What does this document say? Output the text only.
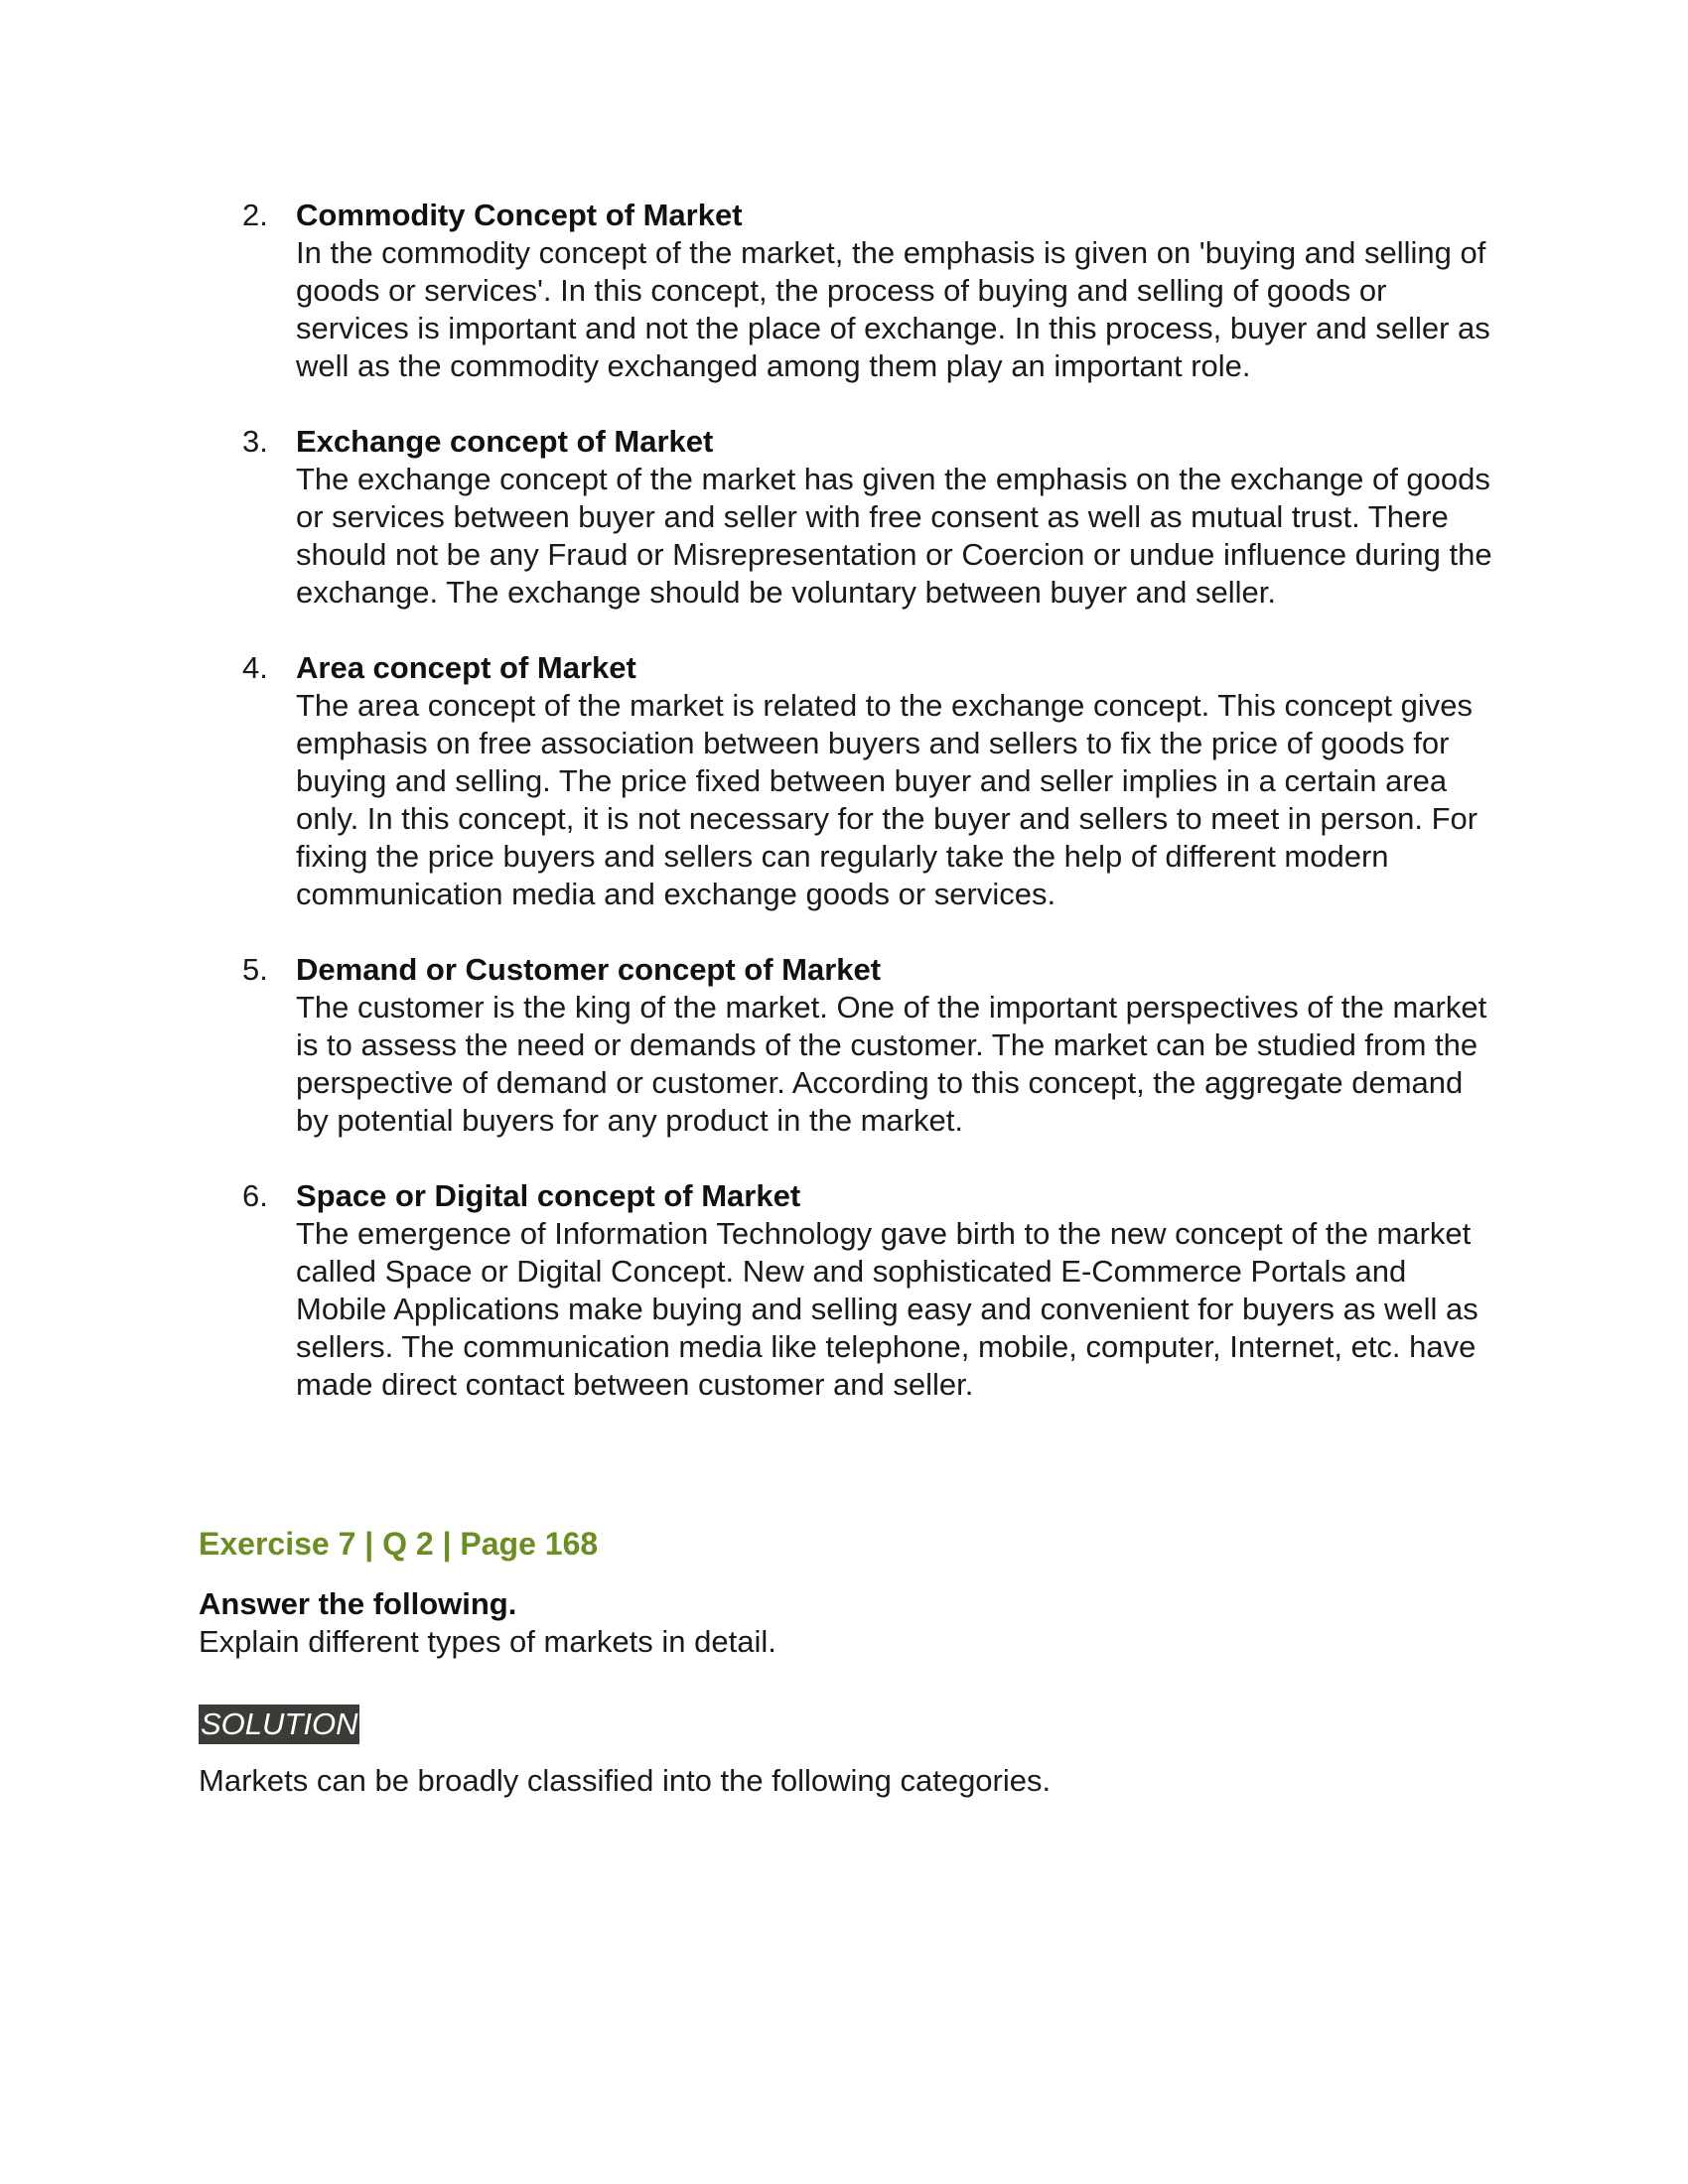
2. Commodity Concept of Market

In the commodity concept of the market, the emphasis is given on 'buying and selling of goods or services'. In this concept, the process of buying and selling of goods or services is important and not the place of exchange. In this process, buyer and seller as well as the commodity exchanged among them play an important role.

3. Exchange concept of Market

The exchange concept of the market has given the emphasis on the exchange of goods or services between buyer and seller with free consent as well as mutual trust. There should not be any Fraud or Misrepresentation or Coercion or undue influence during the exchange. The exchange should be voluntary between buyer and seller.

4. Area concept of Market

The area concept of the market is related to the exchange concept. This concept gives emphasis on free association between buyers and sellers to fix the price of goods for buying and selling. The price fixed between buyer and seller implies in a certain area only. In this concept, it is not necessary for the buyer and sellers to meet in person. For fixing the price buyers and sellers can regularly take the help of different modern communication media and exchange goods or services.

5. Demand or Customer concept of Market

The customer is the king of the market. One of the important perspectives of the market is to assess the need or demands of the customer. The market can be studied from the perspective of demand or customer. According to this concept, the aggregate demand by potential buyers for any product in the market.

6. Space or Digital concept of Market

The emergence of Information Technology gave birth to the new concept of the market called Space or Digital Concept. New and sophisticated E-Commerce Portals and Mobile Applications make buying and selling easy and convenient for buyers as well as sellers. The communication media like telephone, mobile, computer, Internet, etc. have made direct contact between customer and seller.

Exercise 7 | Q 2 | Page 168
Answer the following.
Explain different types of markets in detail.
SOLUTION
Markets can be broadly classified into the following categories.
